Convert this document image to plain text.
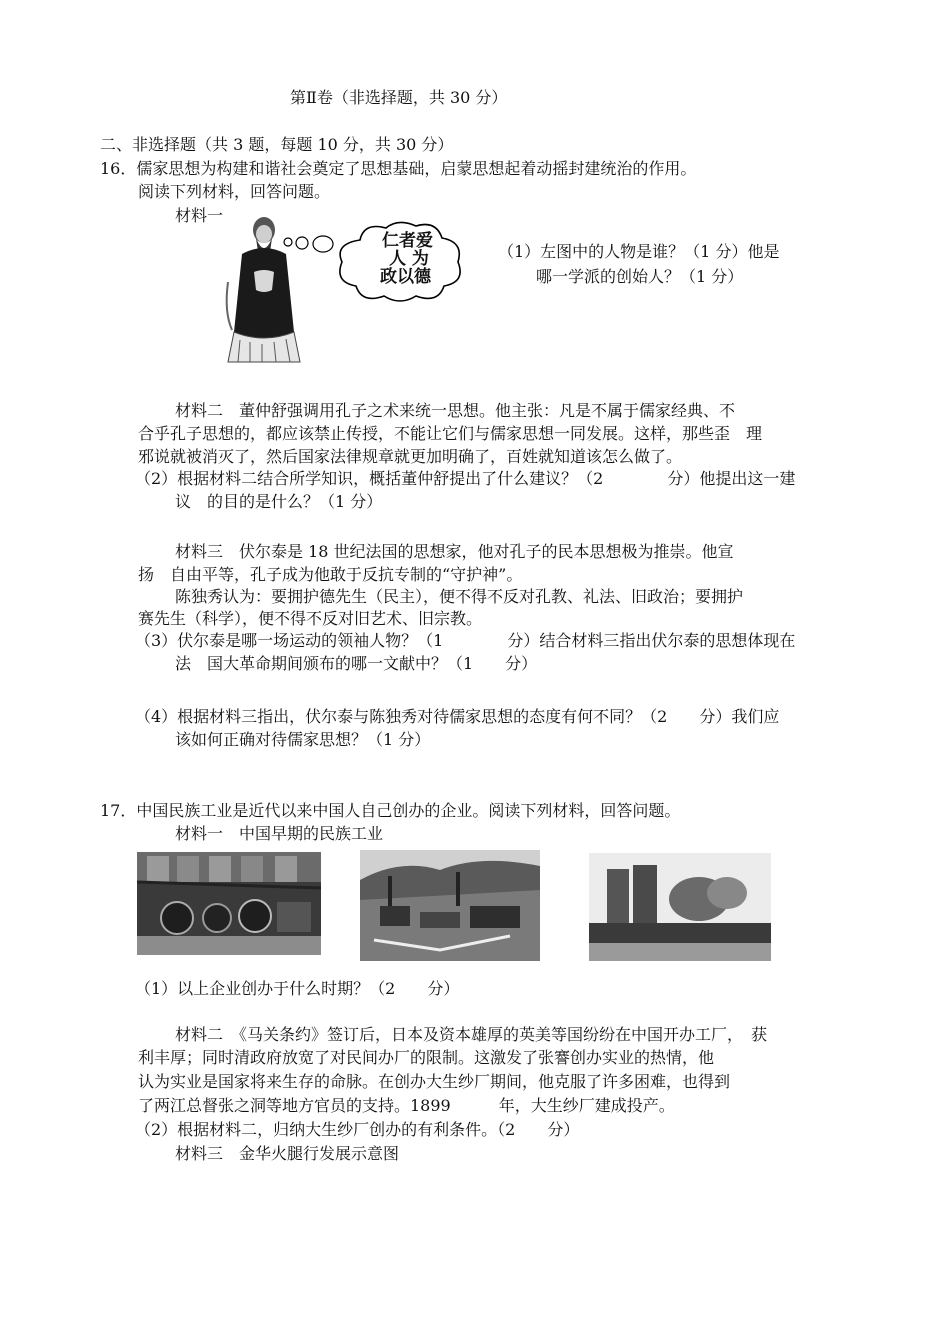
第Ⅱ卷（非选择题，共 30 分）
二、非选择题（共 3 题，每题 10 分，共 30 分）
16．儒家思想为构建和谐社会奠定了思想基础，启蒙思想起着动摇封建统治的作用。
阅读下列材料，回答问题。
材料一
仁者爱
人 为
政以德
（1）左图中的人物是谁？（1 分）他是
哪一学派的创始人？（1 分）
材料二　董仲舒强调用孔子之术来统一思想。他主张：凡是不属于儒家经典、不
合乎孔子思想的，都应该禁止传授，不能让它们与儒家思想一同发展。这样，那些歪　理
邪说就被消灭了，然后国家法律规章就更加明确了，百姓就知道该怎么做了。
（2）根据材料二结合所学知识，概括董仲舒提出了什么建议？（2　　　　分）他提出这一建
议　的目的是什么？（1 分）
材料三　伏尔泰是 18 世纪法国的思想家，他对孔子的民本思想极为推崇。他宣
扬　自由平等，孔子成为他敢于反抗专制的“守护神”。
陈独秀认为：要拥护德先生（民主），便不得不反对孔教、礼法、旧政治；要拥护
赛先生（科学），便不得不反对旧艺术、旧宗教。
（3）伏尔泰是哪一场运动的领袖人物？（1　　　　分）结合材料三指出伏尔泰的思想体现在
法　国大革命期间颁布的哪一文献中？（1　　分）
（4）根据材料三指出，伏尔泰与陈独秀对待儒家思想的态度有何不同？（2　　分）我们应
该如何正确对待儒家思想？（1 分）
17．中国民族工业是近代以来中国人自己创办的企业。阅读下列材料，回答问题。
材料一　中国早期的民族工业
（1）以上企业创办于什么时期？（2　　分）
材料二　《马关条约》签订后，日本及资本雄厚的英美等国纷纷在中国开办工厂，　获
利丰厚；同时清政府放宽了对民间办厂的限制。这激发了张謇创办实业的热情，他
认为实业是国家将来生存的命脉。在创办大生纱厂期间，他克服了许多困难，也得到
了两江总督张之洞等地方官员的支持。1899　　　年，大生纱厂建成投产。
（2）根据材料二，归纳大生纱厂创办的有利条件。（2　　分）
材料三　金华火腿行发展示意图
